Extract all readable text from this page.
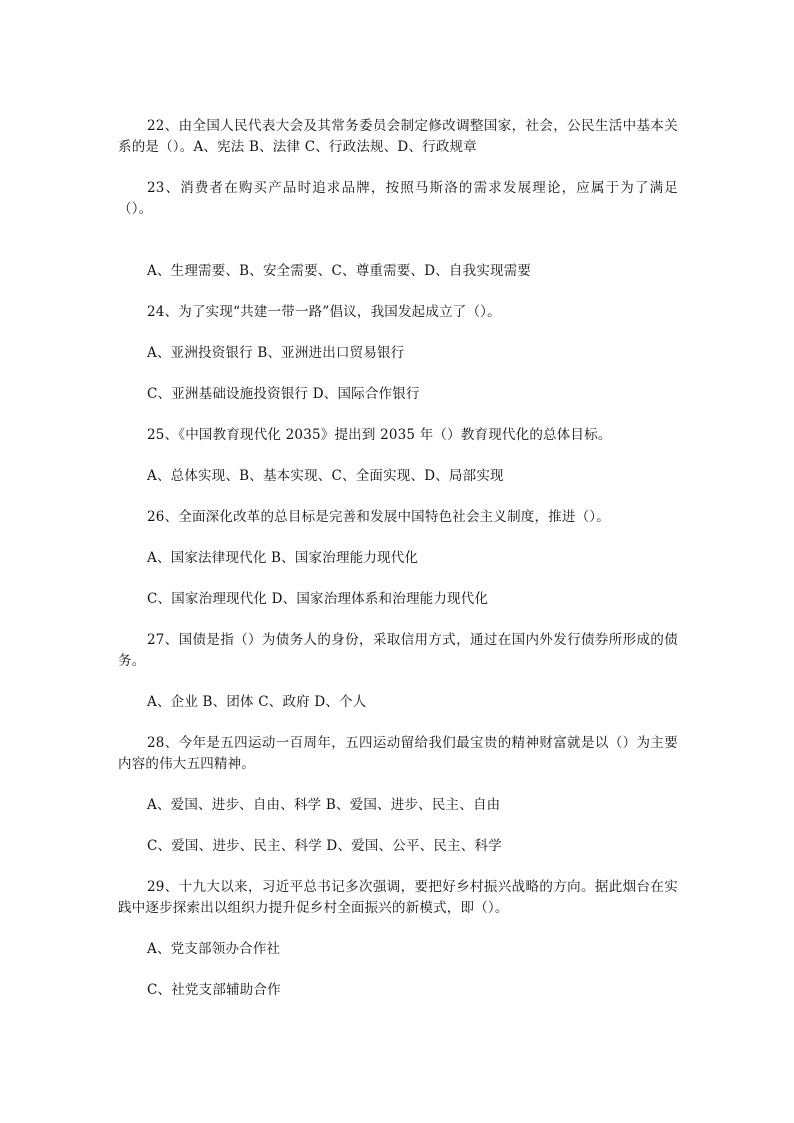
22、由全国人民代表大会及其常务委员会制定修改调整国家，社会，公民生活中基本关系的是（）。A、宪法 B、法律 C、行政法规、D、行政规章

23、消费者在购买产品时追求品牌，按照马斯洛的需求发展理论，应属于为了满足（）。

A、生理需要、B、安全需要、C、尊重需要、D、自我实现需要

24、为了实现“共建一带一路”倡议，我国发起成立了（）。

A、亚洲投资银行 B、亚洲进出口贸易银行

C、亚洲基础设施投资银行 D、国际合作银行

25、《中国教育现代化 2035》提出到 2035 年（）教育现代化的总体目标。

A、总体实现、B、基本实现、C、全面实现、D、局部实现

26、全面深化改革的总目标是完善和发展中国特色社会主义制度，推进（）。

A、国家法律现代化 B、国家治理能力现代化

C、国家治理现代化 D、国家治理体系和治理能力现代化

27、国债是指（）为债务人的身份，采取信用方式，通过在国内外发行债券所形成的债务。

A、企业 B、团体 C、政府 D、个人

28、今年是五四运动一百周年，五四运动留给我们最宝贵的精神财富就是以（）为主要内容的伟大五四精神。

A、爱国、进步、自由、科学 B、爱国、进步、民主、自由

C、爱国、进步、民主、科学 D、爱国、公平、民主、科学

29、十九大以来，习近平总书记多次强调，要把好乡村振兴战略的方向。据此烟台在实践中逐步探索出以组织力提升促乡村全面振兴的新模式，即（）。

A、党支部领办合作社

C、社党支部辅助合作
